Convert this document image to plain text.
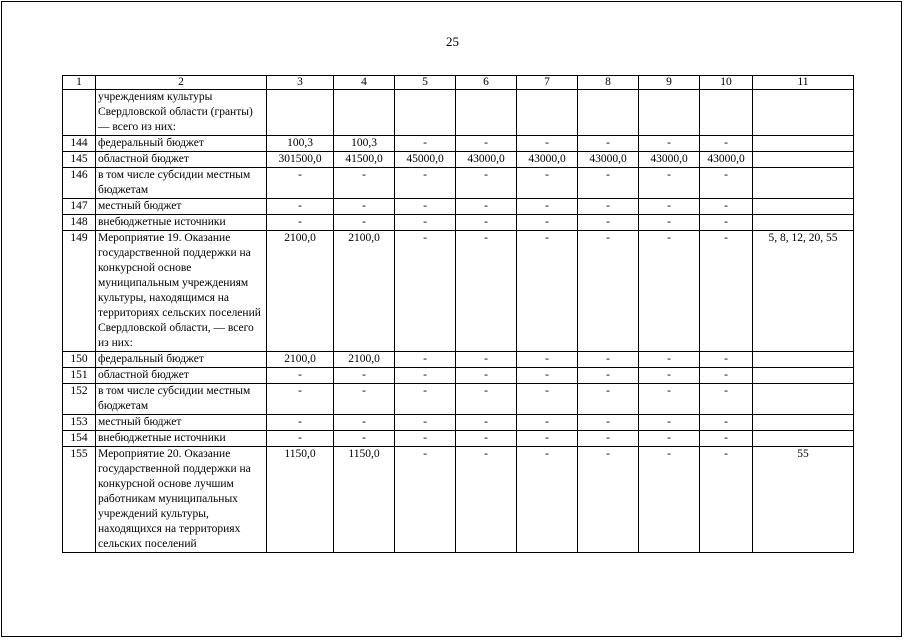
25
1	2	3	4	5	6	7	8	9	10	11
	учреждениям культуры Свердловской области (гранты) — всего из них:									
144	федеральный бюджет	100,3	100,3	-	-	-	-	-	-	
145	областной бюджет	301500,0	41500,0	45000,0	43000,0	43000,0	43000,0	43000,0	43000,0	
146	в том числе субсидии местным бюджетам	-	-	-	-	-	-	-	-	
147	местный бюджет	-	-	-	-	-	-	-	-	
148	внебюджетные источники	-	-	-	-	-	-	-	-	
149	Мероприятие 19. Оказание государственной поддержки на конкурсной основе муниципальным учреждениям культуры, находящимся на территориях сельских поселений Свердловской области, — всего из них:	2100,0	2100,0	-	-	-	-	-	-	5, 8, 12, 20, 55
150	федеральный бюджет	2100,0	2100,0	-	-	-	-	-	-	
151	областной бюджет	-	-	-	-	-	-	-	-	
152	в том числе субсидии местным бюджетам	-	-	-	-	-	-	-	-	
153	местный бюджет	-	-	-	-	-	-	-	-	
154	внебюджетные источники	-	-	-	-	-	-	-	-	
155	Мероприятие 20. Оказание государственной поддержки на конкурсной основе лучшим работникам муниципальных учреждений культуры, находящихся на территориях сельских поселений	1150,0	1150,0	-	-	-	-	-	-	55
